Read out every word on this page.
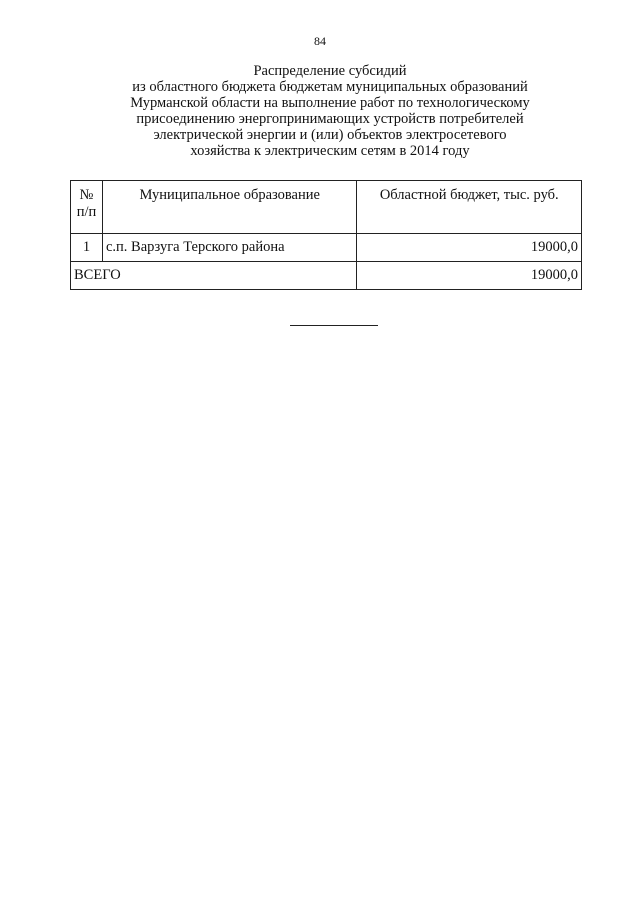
84
Распределение субсидий
из областного бюджета бюджетам муниципальных образований
Мурманской области на выполнение работ по технологическому
присоединению энергопринимающих устройств потребителей
электрической энергии и (или) объектов электросетевого
хозяйства к электрическим сетям в 2014 году
№
п/п	Муниципальное образование	Областной бюджет, тыс. руб.
1	с.п. Варзуга Терского района	19000,0
ВСЕГО		19000,0
